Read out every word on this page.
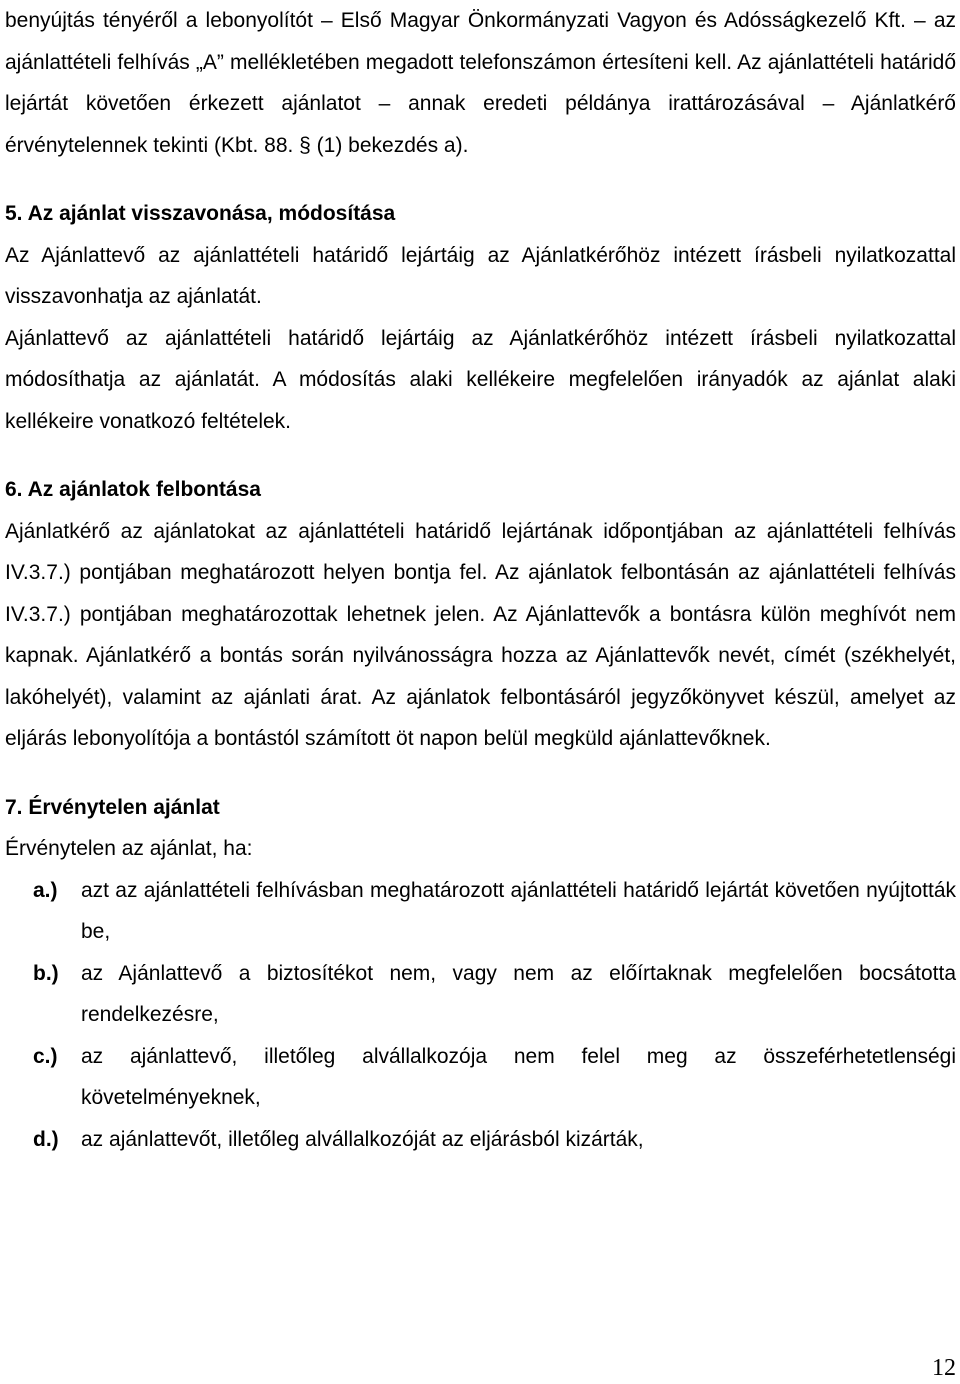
benyújtás tényéről a lebonyolítót – Első Magyar Önkormányzati Vagyon és Adósságkezelő Kft. – az ajánlattételi felhívás „A” mellékletében megadott telefonszámon értesíteni kell. Az ajánlattételi határidő lejártát követően érkezett ajánlatot – annak eredeti példánya irattározásával – Ajánlatkérő érvénytelennek tekinti (Kbt. 88. § (1) bekezdés a).

5. Az ajánlat visszavonása, módosítása

Az Ajánlattevő az ajánlattételi határidő lejártáig az Ajánlatkérőhöz intézett írásbeli nyilatkozattal visszavonhatja az ajánlatát.

Ajánlattevő az ajánlattételi határidő lejártáig az Ajánlatkérőhöz intézett írásbeli nyilatkozattal módosíthatja az ajánlatát. A módosítás alaki kellékeire megfelelően irányadók az ajánlat alaki kellékeire vonatkozó feltételek.

6. Az ajánlatok felbontása

Ajánlatkérő az ajánlatokat az ajánlattételi határidő lejártának időpontjában az ajánlattételi felhívás IV.3.7.) pontjában meghatározott helyen bontja fel. Az ajánlatok felbontásán az ajánlattételi felhívás IV.3.7.) pontjában meghatározottak lehetnek jelen. Az Ajánlattevők a bontásra külön meghívót nem kapnak. Ajánlatkérő a bontás során nyilvánosságra hozza az Ajánlattevők nevét, címét (székhelyét, lakóhelyét), valamint az ajánlati árat. Az ajánlatok felbontásáról jegyzőkönyvet készül, amelyet az eljárás lebonyolítója a bontástól számított öt napon belül megküld ajánlattevőknek.

7. Érvénytelen ajánlat

Érvénytelen az ajánlat, ha:

a.)	azt az ajánlattételi felhívásban meghatározott ajánlattételi határidő lejártát követően nyújtották be,

b.)	az Ajánlattevő a biztosítékot nem, vagy nem az előírtaknak megfelelően bocsátotta rendelkezésre,

c.)	az ajánlattevő, illetőleg alvállalkozója nem felel meg az összeférhetetlenségi követelményeknek,

d.)	az ajánlattevőt, illetőleg alvállalkozóját az eljárásból kizárták,

12
